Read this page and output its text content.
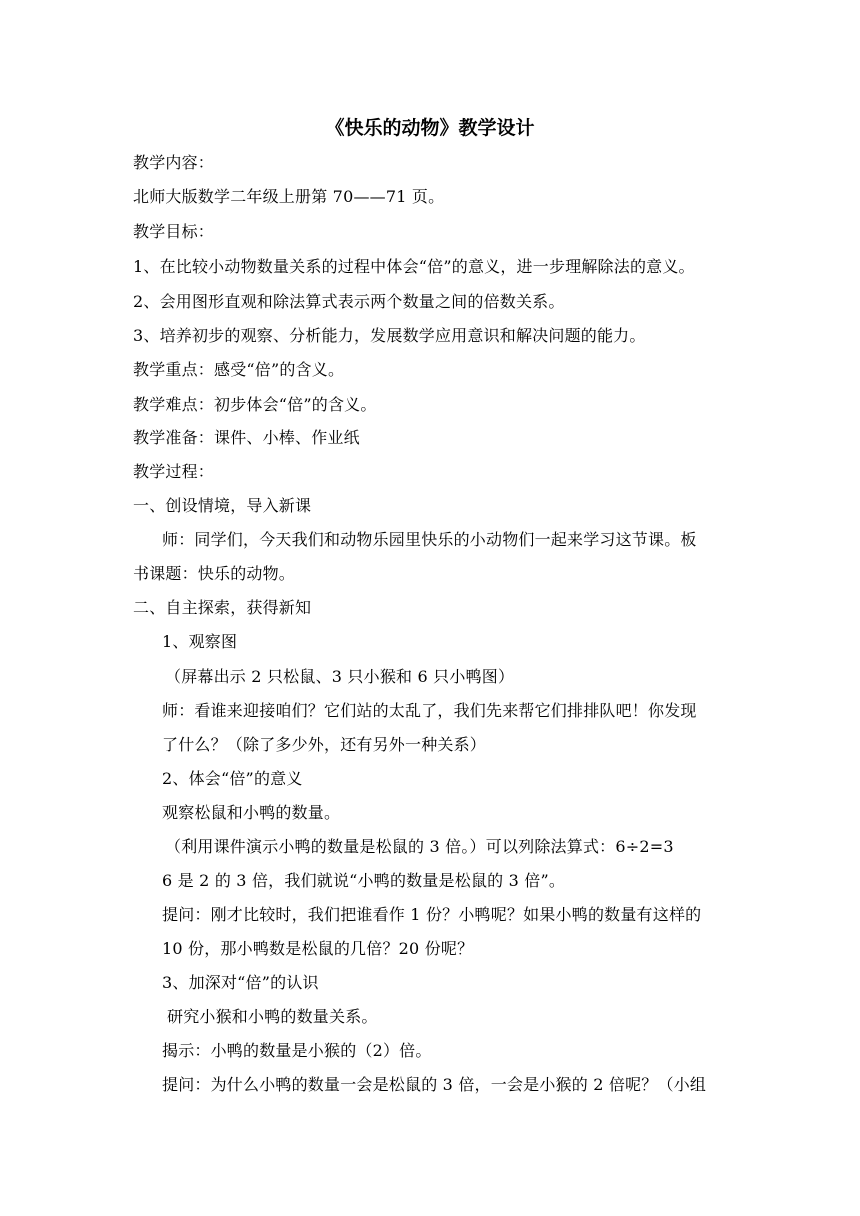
《快乐的动物》教学设计
教学内容：
北师大版数学二年级上册第 70——71 页。
教学目标：
1、在比较小动物数量关系的过程中体会“倍”的意义，进一步理解除法的意义。
2、会用图形直观和除法算式表示两个数量之间的倍数关系。
3、培养初步的观察、分析能力，发展数学应用意识和解决问题的能力。
教学重点：感受“倍”的含义。
教学难点：初步体会“倍”的含义。
教学准备：课件、小棒、作业纸
教学过程：
一、创设情境，导入新课
师：同学们，今天我们和动物乐园里快乐的小动物们一起来学习这节课。板
书课题：快乐的动物。
二、自主探索，获得新知
1、观察图
（屏幕出示 2 只松鼠、3 只小猴和 6 只小鸭图）
师：看谁来迎接咱们？它们站的太乱了，我们先来帮它们排排队吧！你发现
了什么？（除了多少外，还有另外一种关系）
2、体会“倍”的意义
观察松鼠和小鸭的数量。
（利用课件演示小鸭的数量是松鼠的 3 倍。）可以列除法算式：6÷2=3
6 是 2 的 3 倍，我们就说“小鸭的数量是松鼠的 3 倍”。
提问：刚才比较时，我们把谁看作 1 份？小鸭呢？如果小鸭的数量有这样的
10 份，那小鸭数是松鼠的几倍？20 份呢？
3、加深对“倍”的认识
研究小猴和小鸭的数量关系。
揭示：小鸭的数量是小猴的（2）倍。
提问：为什么小鸭的数量一会是松鼠的 3 倍，一会是小猴的 2 倍呢？（小组
